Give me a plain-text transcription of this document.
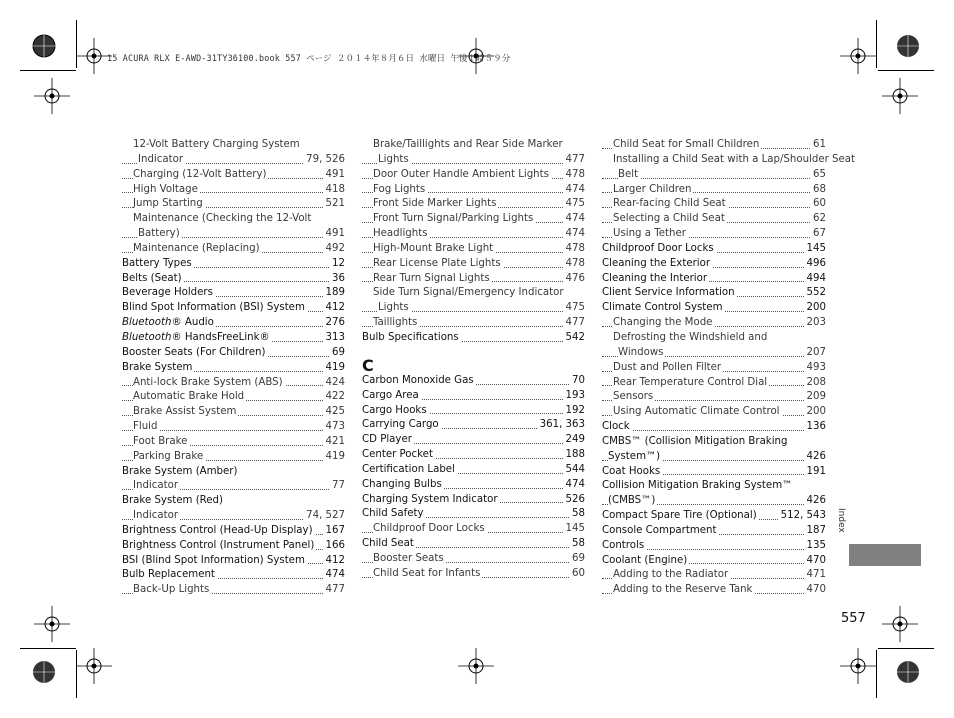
15 ACURA RLX E-AWD-31TY36100.book 557 ページ ２０１４年８月６日 水曜日 午後１時５９分
12-Volt Battery Charging System
Indicator	79, 526
Charging (12-Volt Battery)	491
High Voltage	418
Jump Starting	521
Maintenance (Checking the 12-Volt
Battery)	491
Maintenance (Replacing)	492
Battery Types	12
Belts (Seat)	36
Beverage Holders	189
Blind Spot Information (BSI) System 412
Bluetooth® Audio	276
Bluetooth® HandsFreeLink®	313
Booster Seats (For Children)	69
Brake System	419
Anti-lock Brake System (ABS)	424
Automatic Brake Hold	422
Brake Assist System	425
Fluid	473
Foot Brake	421
Parking Brake	419
Brake System (Amber)
Indicator	77
Brake System (Red)
Indicator	74, 527
Brightness Control (Head-Up Display) 167
Brightness Control (Instrument Panel) 166
BSI (Blind Spot Information) System 412
Bulb Replacement	474
Back-Up Lights	477
Brake/Taillights and Rear Side Marker
Lights	477
Door Outer Handle Ambient Lights 478
Fog Lights	474
Front Side Marker Lights	475
Front Turn Signal/Parking Lights	474
Headlights	474
High-Mount Brake Light	478
Rear License Plate Lights	478
Rear Turn Signal Lights	476
Side Turn Signal/Emergency Indicator
Lights	475
Taillights	477
Bulb Specifications	542
C
Carbon Monoxide Gas	70
Cargo Area	193
Cargo Hooks	192
Carrying Cargo	361, 363
CD Player	249
Center Pocket	188
Certification Label	544
Changing Bulbs	474
Charging System Indicator	526
Child Safety	58
Childproof Door Locks	145
Child Seat	58
Booster Seats	69
Child Seat for Infants	60
Child Seat for Small Children	61
Installing a Child Seat with a Lap/Shoulder Seat
Belt	65
Larger Children	68
Rear-facing Child Seat	60
Selecting a Child Seat	62
Using a Tether	67
Childproof Door Locks	145
Cleaning the Exterior	496
Cleaning the Interior	494
Client Service Information	552
Climate Control System	200
Changing the Mode	203
Defrosting the Windshield and
Windows	207
Dust and Pollen Filter	493
Rear Temperature Control Dial	208
Sensors	209
Using Automatic Climate Control	200
Clock	136
CMBS™ (Collision Mitigation Braking
System™)	426
Coat Hooks	191
Collision Mitigation Braking System™
(CMBS™)	426
Compact Spare Tire (Optional) 512, 543
Console Compartment	187
Controls	135
Coolant (Engine)	470
Adding to the Radiator	471
Adding to the Reserve Tank	470
Index
557
